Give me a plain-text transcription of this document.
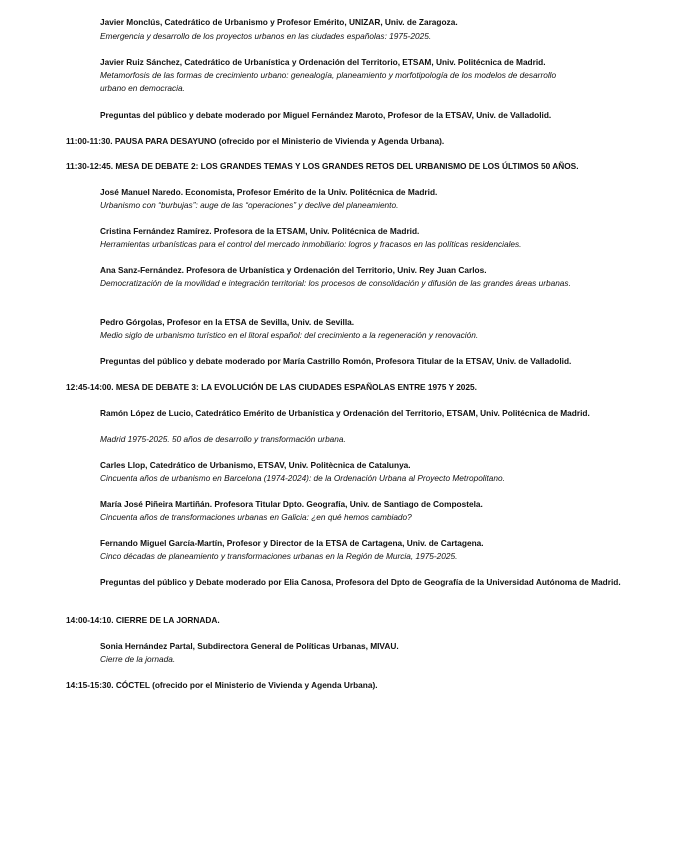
Javier Monclús, Catedrático de Urbanismo y Profesor Emérito, UNIZAR, Univ. de Zaragoza.
Emergencia y desarrollo de los proyectos urbanos en las ciudades españolas: 1975-2025.
Javier Ruiz Sánchez, Catedrático de Urbanística y Ordenación del Territorio, ETSAM, Univ. Politécnica de Madrid.
Metamorfosis de las formas de crecimiento urbano: genealogía, planeamiento y morfotipología de los modelos de desarrollo
urbano en democracia.
Preguntas del público y debate moderado por Miguel Fernández Maroto, Profesor de la ETSAV, Univ. de Valladolid.
11:00-11:30. PAUSA PARA DESAYUNO (ofrecido por el Ministerio de Vivienda y Agenda Urbana).
11:30-12:45. MESA DE DEBATE 2: LOS GRANDES TEMAS Y LOS GRANDES RETOS DEL URBANISMO DE LOS ÚLTIMOS 50 AÑOS.
José Manuel Naredo. Economista, Profesor Emérito de la Univ. Politécnica de Madrid.
Urbanismo con “burbujas”: auge de las “operaciones” y declive del planeamiento.
Cristina Fernández Ramírez. Profesora de la ETSAM, Univ. Politécnica de Madrid.
Herramientas urbanísticas para el control del mercado inmobiliario: logros y fracasos en las políticas residenciales.
Ana Sanz-Fernández. Profesora de Urbanística y Ordenación del Territorio, Univ. Rey Juan Carlos.
Democratización de la movilidad e integración territorial: los procesos de consolidación y difusión de las grandes áreas urbanas.
Pedro Górgolas, Profesor en la ETSA de Sevilla, Univ. de Sevilla.
Medio siglo de urbanismo turístico en el litoral español: del crecimiento a la regeneración y renovación.
Preguntas del público y debate moderado por María Castrillo Romón, Profesora Titular de la ETSAV, Univ. de Valladolid.
12:45-14:00. MESA DE DEBATE 3: LA EVOLUCIÓN DE LAS CIUDADES ESPAÑOLAS ENTRE 1975 Y 2025.
Ramón López de Lucio, Catedrático Emérito de Urbanística y Ordenación del Territorio, ETSAM, Univ. Politécnica de Madrid.
Madrid 1975-2025. 50 años de desarrollo y transformación urbana.
Carles Llop, Catedrático de Urbanismo, ETSAV, Univ. Politècnica de Catalunya.
Cincuenta años de urbanismo en Barcelona (1974-2024): de la Ordenación Urbana al Proyecto Metropolitano.
María José Piñeira Martiñán. Profesora Titular Dpto. Geografía, Univ. de Santiago de Compostela.
Cincuenta años de transformaciones urbanas en Galicia: ¿en qué hemos cambiado?
Fernando Miguel García-Martín, Profesor y Director de la ETSA de Cartagena, Univ. de Cartagena.
Cinco décadas de planeamiento y transformaciones urbanas en la Región de Murcia, 1975-2025.
Preguntas del público y Debate moderado por Elia Canosa, Profesora del Dpto de Geografía de la Universidad Autónoma de Madrid.
14:00-14:10. CIERRE DE LA JORNADA.
Sonia Hernández Partal, Subdirectora General de Políticas Urbanas, MIVAU.
Cierre de la jornada.
14:15-15:30. CÓCTEL (ofrecido por el Ministerio de Vivienda y Agenda Urbana).
